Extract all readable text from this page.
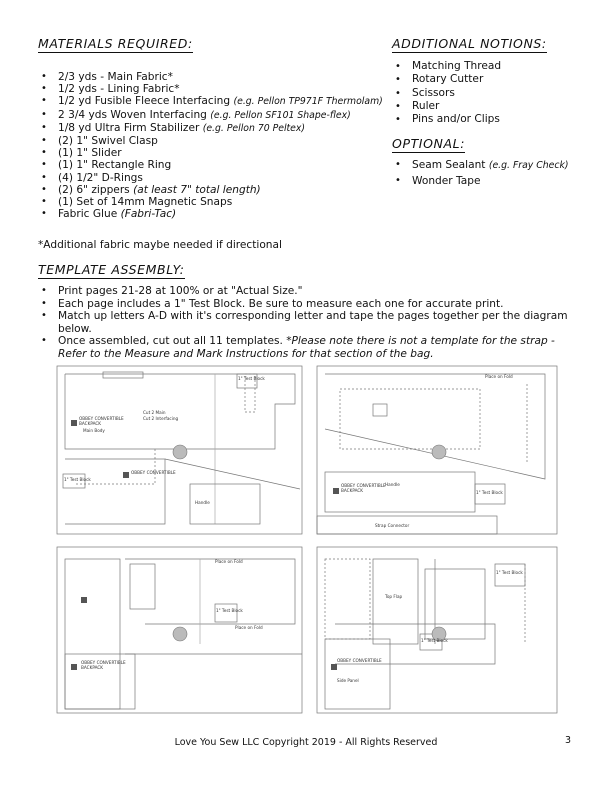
MATERIALS REQUIRED:	ADDITIONAL NOTIONS:
OPTIONAL:
TEMPLATE ASSEMBLY:
• 2/3 yds - Main Fabric*
• 1/2 yds - Lining Fabric*
• 1/2 yd Fusible Fleece Interfacing (e.g. Pellon TP971F Thermolam)
• 2 3/4 yds Woven Interfacing (e.g. Pellon SF101 Shape-flex)
• 1/8 yd Ultra Firm Stabilizer (e.g. Pellon 70 Peltex)
• (2) 1" Swivel Clasp
• (1) 1" Slider
• (1) 1" Rectangle Ring
• (4) 1/2" D-Rings
• (2) 6" zippers (at least 7" total length)
• (1) Set of 14mm Magnetic Snaps
• Fabric Glue (Fabri-Tac)
*Additional fabric maybe needed if directional
• Matching Thread
• Rotary Cutter
• Scissors
• Ruler
• Pins and/or Clips
• Seam Sealant (e.g. Fray Check)
• Wonder Tape
• Print pages 21-28 at 100% or at "Actual Size."
• Each page includes a 1" Test Block. Be sure to measure each one for accurate print.
• Match up letters A-D with it's corresponding letter and tape the pages together per the diagram below.
• Once assembled, cut out all 11 templates. *Please note there is not a template for the strap - Refer to the Measure and Mark Instructions for that section of the bag.
OBBEY CONVERTIBLE
BACKPACK
OBBEY CONVERTIBLE
BACKPACK
OBBEY CONVERTIBLE
BACKPACK
OBBEY CONVERTIBLE
OBBEY CONVERTIBLE
1" Test Block
1" Test Block
1" Test Block
1" Test Block
1" Test Block
1" Test Block
Main Body
Handle
Handle
Strap Connector
Place on Fold
Place on Fold
Place on Fold
Top Flap
Side Panel
Cut 2 Main
Cut 2 Interfacing
Love You Sew LLC Copyright 2019 - All Rights Reserved	3
